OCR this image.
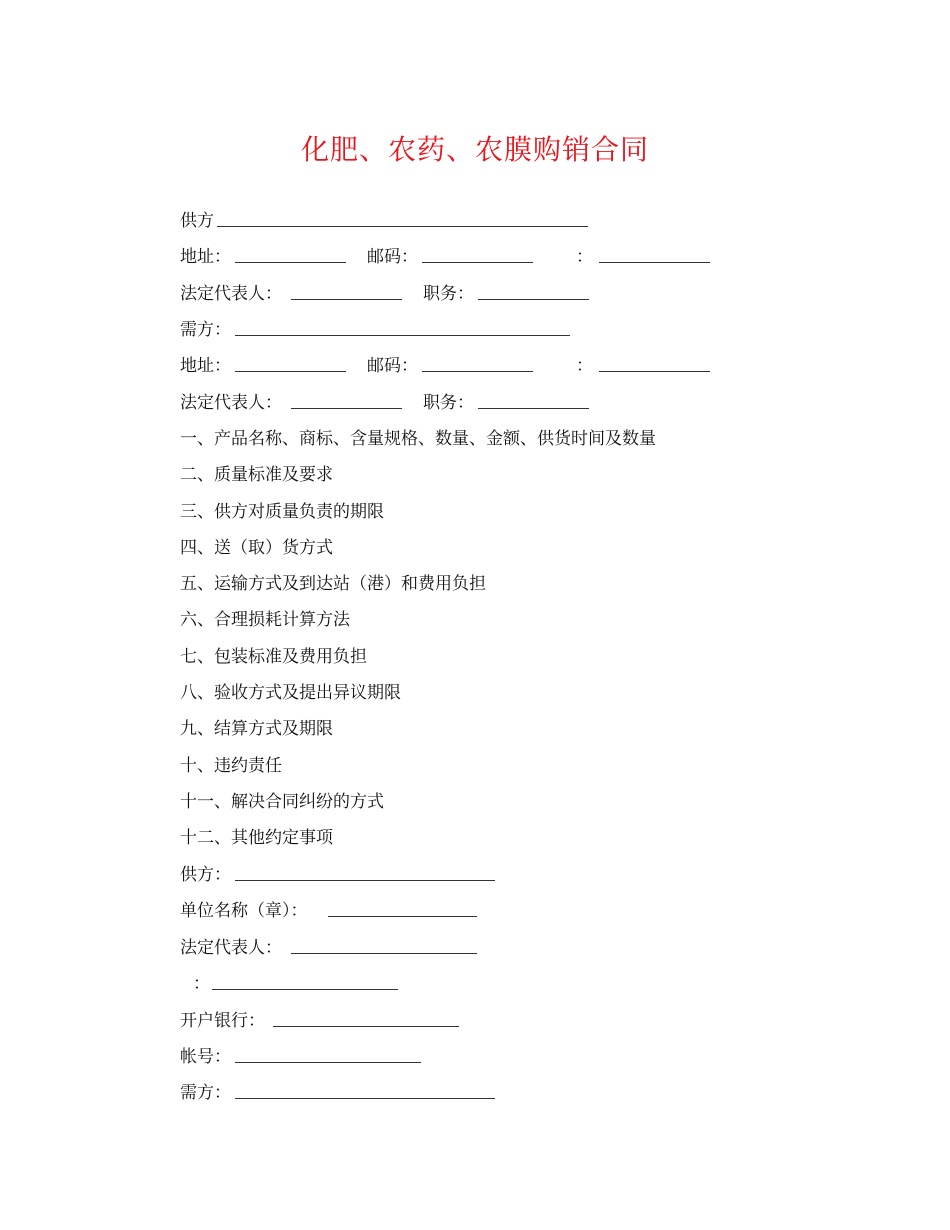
化肥、农药、农膜购销合同
供方
地址：	邮码：	：
法定代表人：	职务：
需方：
地址：	邮码：	：
法定代表人：	职务：
一、产品名称、商标、含量规格、数量、金额、供货时间及数量
二、质量标准及要求
三、供方对质量负责的期限
四、送（取）货方式
五、运输方式及到达站（港）和费用负担
六、合理损耗计算方法
七、包装标准及费用负担
八、验收方式及提出异议期限
九、结算方式及期限
十、违约责任
十一、解决合同纠纷的方式
十二、其他约定事项
供方：
单位名称（章）：
法定代表人：
：
开户银行：
帐号：
需方：
